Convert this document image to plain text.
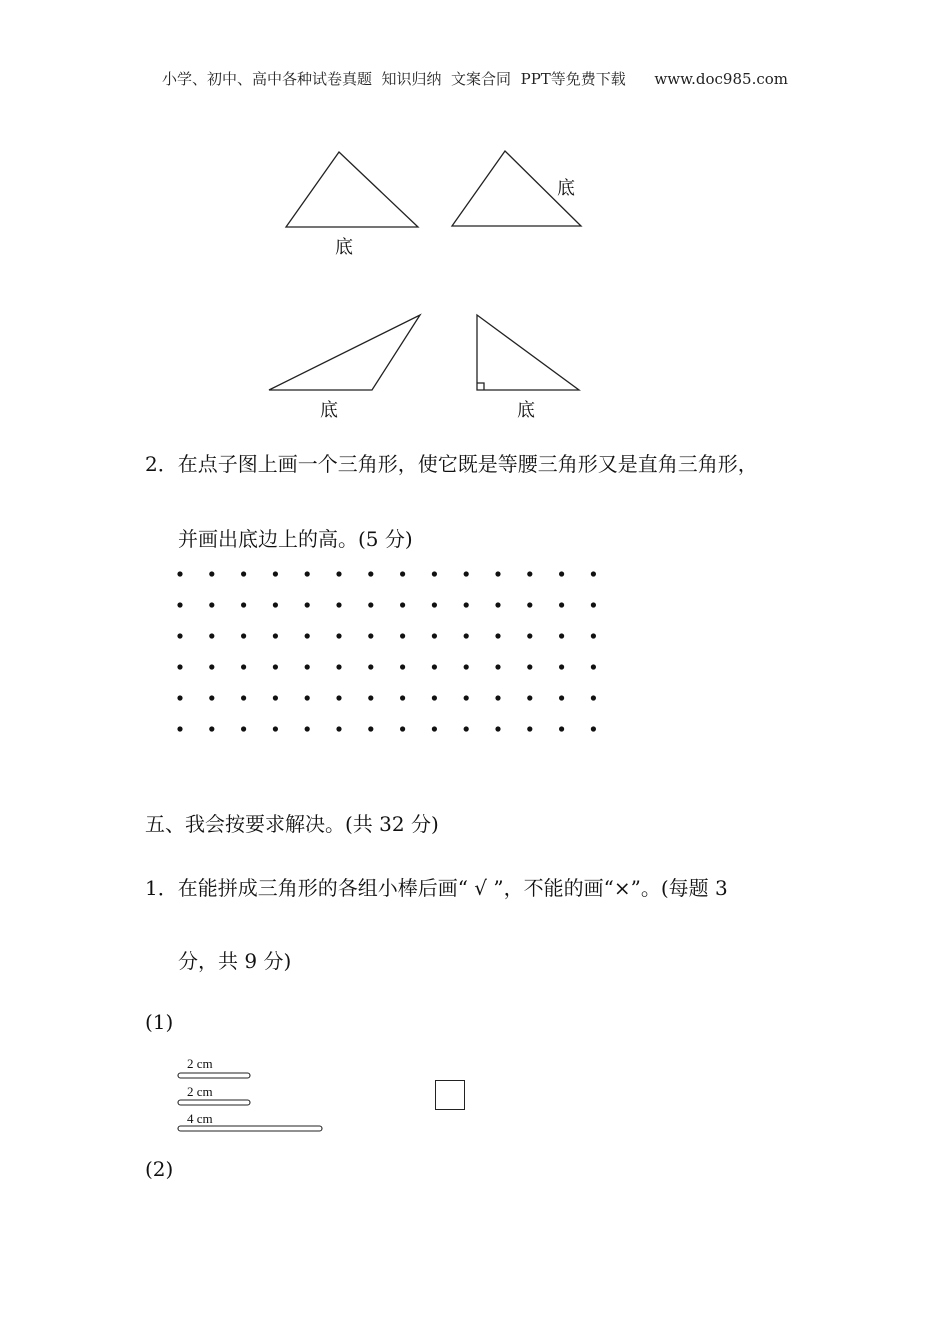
小学、初中、高中各种试卷真题  知识归纳  文案合同  PPT等免费下载      www.doc985.com
底
底
底	底
2．在点子图上画一个三角形，使它既是等腰三角形又是直角三角形，
并画出底边上的高。(5 分)
五、我会按要求解决。(共 32 分)
1．在能拼成三角形的各组小棒后画“ √ ”，不能的画“×”。(每题 3
分，共 9 分)
(1)
2 cm
2 cm
4 cm
(2)
